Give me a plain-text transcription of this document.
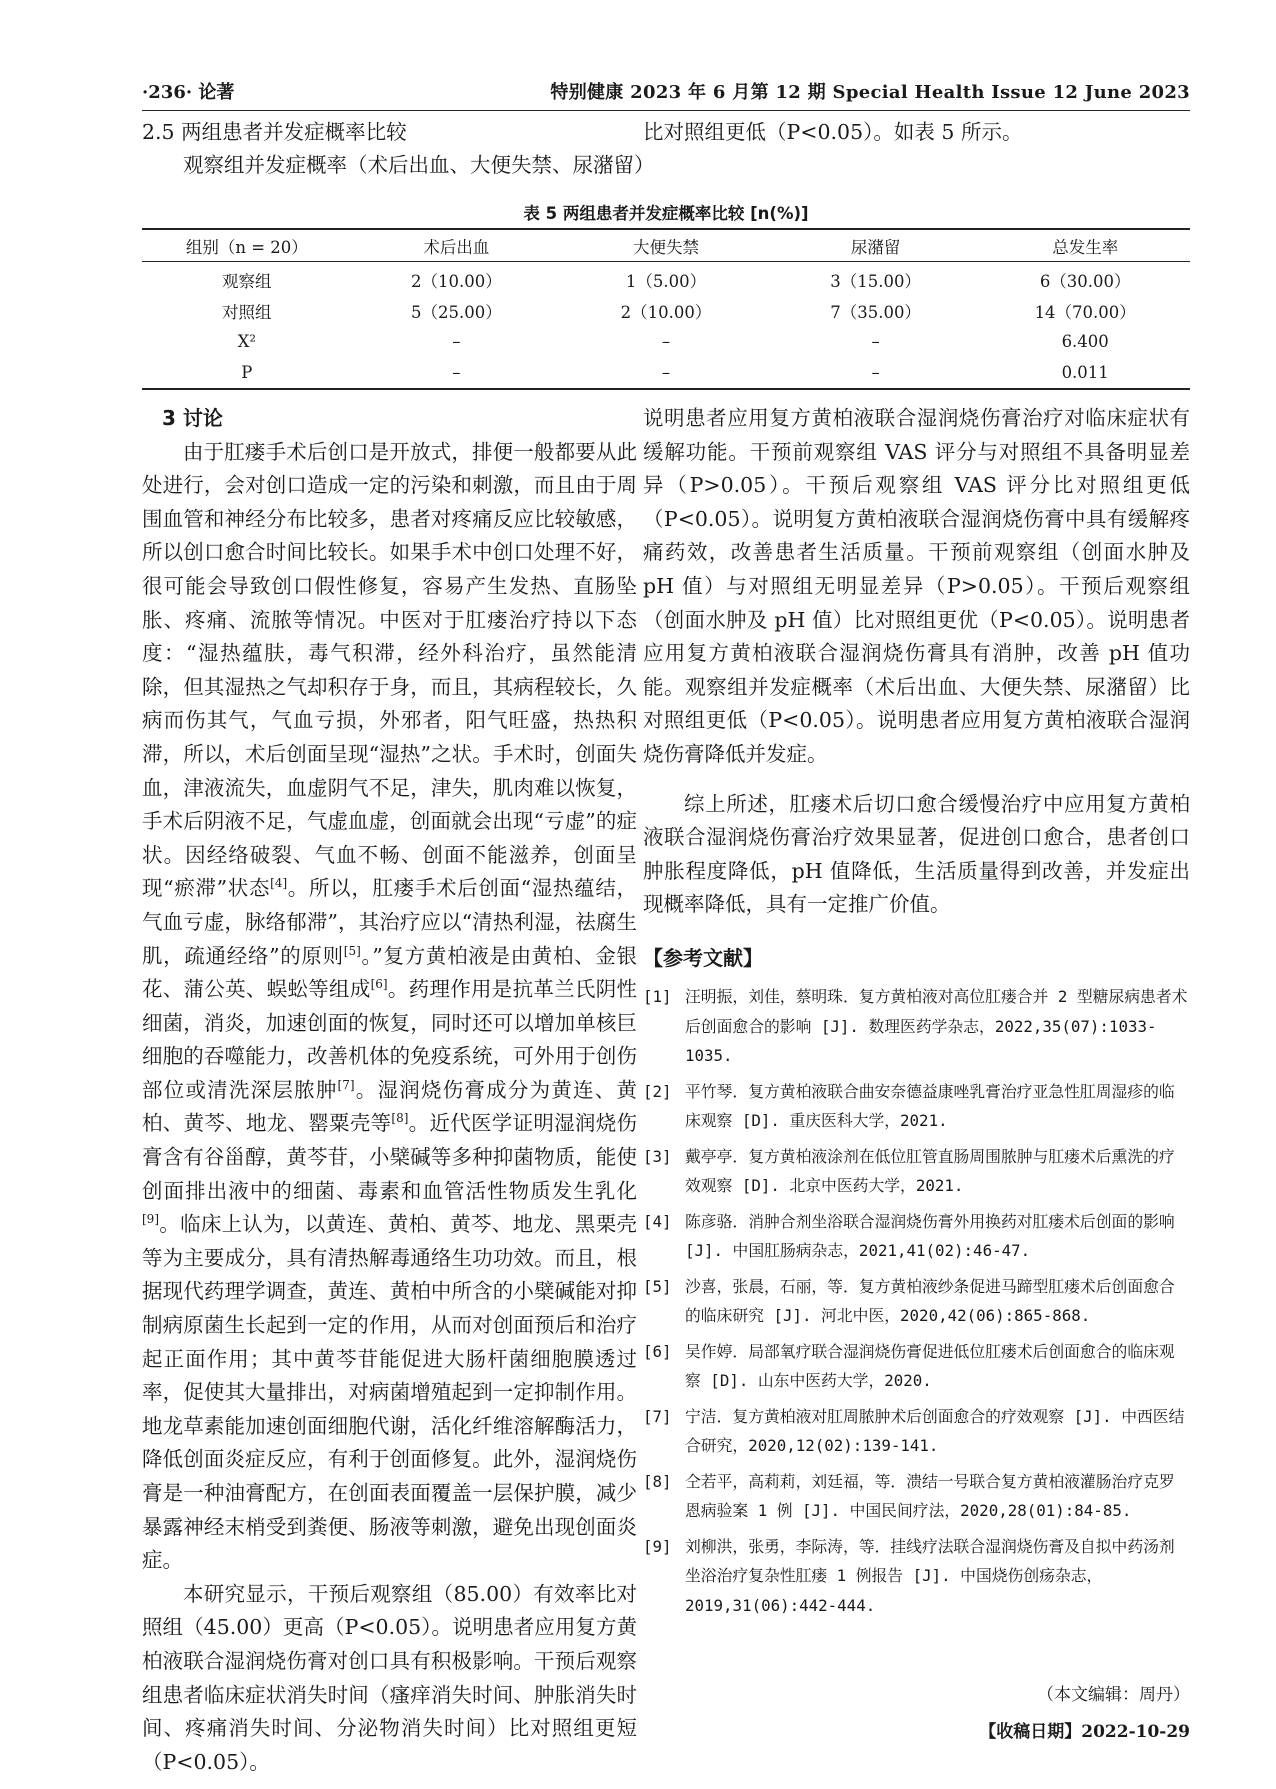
·236· 论著	特别健康 2023 年 6 月第 12 期 Special Health Issue 12 June 2023

2.5 两组患者并发症概率比较

观察组并发症概率（术后出血、大便失禁、尿潴留）

比对照组更低（P<0.05）。如表 5 所示。

表 5 两组患者并发症概率比较 [n(%)]
组别（n = 20）	术后出血	大便失禁	尿潴留	总发生率
观察组	2（10.00）	1（5.00）	3（15.00）	6（30.00）
对照组	5（25.00）	2（10.00）	7（35.00）	14（70.00）
X²	–	–	–	6.400
P	–	–	–	0.011

3 讨论

由于肛瘘手术后创口是开放式，排便一般都要从此处进行，会对创口造成一定的污染和刺激，而且由于周围血管和神经分布比较多，患者对疼痛反应比较敏感，所以创口愈合时间比较长。如果手术中创口处理不好，很可能会导致创口假性修复，容易产生发热、直肠坠胀、疼痛、流脓等情况。中医对于肛瘘治疗持以下态度：“湿热蕴肤，毒气积滞，经外科治疗，虽然能清除，但其湿热之气却积存于身，而且，其病程较长，久病而伤其气，气血亏损，外邪者，阳气旺盛，热热积滞，所以，术后创面呈现“湿热”之状。手术时，创面失血，津液流失，血虚阴气不足，津失，肌肉难以恢复，手术后阴液不足，气虚血虚，创面就会出现“亏虚”的症状。因经络破裂、气血不畅、创面不能滋养，创面呈现“瘀滞”状态[4]。所以，肛瘘手术后创面“湿热蕴结，气血亏虚，脉络郁滞”，其治疗应以“清热利湿，祛腐生肌，疏通经络”的原则[5]。”复方黄柏液是由黄柏、金银花、蒲公英、蜈蚣等组成[6]。药理作用是抗革兰氏阴性细菌，消炎，加速创面的恢复，同时还可以增加单核巨细胞的吞噬能力，改善机体的免疫系统，可外用于创伤部位或清洗深层脓肿[7]。湿润烧伤膏成分为黄连、黄柏、黄芩、地龙、罂粟壳等[8]。近代医学证明湿润烧伤膏含有谷甾醇，黄芩苷，小檗碱等多种抑菌物质，能使创面排出液中的细菌、毒素和血管活性物质发生乳化[9]。临床上认为，以黄连、黄柏、黄芩、地龙、黑栗壳等为主要成分，具有清热解毒通络生功功效。而且，根据现代药理学调查，黄连、黄柏中所含的小檗碱能对抑制病原菌生长起到一定的作用，从而对创面预后和治疗起正面作用；其中黄芩苷能促进大肠杆菌细胞膜透过率，促使其大量排出，对病菌增殖起到一定抑制作用。地龙草素能加速创面细胞代谢，活化纤维溶解酶活力，降低创面炎症反应，有利于创面修复。此外，湿润烧伤膏是一种油膏配方，在创面表面覆盖一层保护膜，减少暴露神经末梢受到粪便、肠液等刺激，避免出现创面炎症。

本研究显示，干预后观察组（85.00）有效率比对照组（45.00）更高（P<0.05）。说明患者应用复方黄柏液联合湿润烧伤膏对创口具有积极影响。干预后观察组患者临床症状消失时间（瘙痒消失时间、肿胀消失时间、疼痛消失时间、分泌物消失时间）比对照组更短（P<0.05）。

说明患者应用复方黄柏液联合湿润烧伤膏治疗对临床症状有缓解功能。干预前观察组 VAS 评分与对照组不具备明显差异（P>0.05）。干预后观察组 VAS 评分比对照组更低（P<0.05）。说明复方黄柏液联合湿润烧伤膏中具有缓解疼痛药效，改善患者生活质量。干预前观察组（创面水肿及 pH 值）与对照组无明显差异（P>0.05）。干预后观察组（创面水肿及 pH 值）比对照组更优（P<0.05）。说明患者应用复方黄柏液联合湿润烧伤膏具有消肿，改善 pH 值功能。观察组并发症概率（术后出血、大便失禁、尿潴留）比对照组更低（P<0.05）。说明患者应用复方黄柏液联合湿润烧伤膏降低并发症。

综上所述，肛瘘术后切口愈合缓慢治疗中应用复方黄柏液联合湿润烧伤膏治疗效果显著，促进创口愈合，患者创口肿胀程度降低，pH 值降低，生活质量得到改善，并发症出现概率降低，具有一定推广价值。

【参考文献】
[1] 汪明振，刘佳，蔡明珠．复方黄柏液对高位肛瘘合并 2 型糖尿病患者术后创面愈合的影响 [J]. 数理医药学杂志，2022,35(07):1033-1035.
[2] 平竹琴．复方黄柏液联合曲安奈德益康唑乳膏治疗亚急性肛周湿疹的临床观察 [D]. 重庆医科大学，2021.
[3] 戴亭亭．复方黄柏液涂剂在低位肛管直肠周围脓肿与肛瘘术后熏洗的疗效观察 [D]. 北京中医药大学，2021.
[4] 陈彦骆．消肿合剂坐浴联合湿润烧伤膏外用换药对肛瘘术后创面的影响 [J]. 中国肛肠病杂志，2021,41(02):46-47.
[5] 沙喜，张晨，石丽，等．复方黄柏液纱条促进马蹄型肛瘘术后创面愈合的临床研究 [J]. 河北中医，2020,42(06):865-868.
[6] 吴作婷．局部氧疗联合湿润烧伤膏促进低位肛瘘术后创面愈合的临床观察 [D]. 山东中医药大学，2020.
[7] 宁洁．复方黄柏液对肛周脓肿术后创面愈合的疗效观察 [J]. 中西医结合研究，2020,12(02):139-141.
[8] 仝若平，高莉莉，刘廷福，等．溃结一号联合复方黄柏液灌肠治疗克罗恩病验案 1 例 [J]. 中国民间疗法，2020,28(01):84-85.
[9] 刘柳洪，张勇，李际涛，等．挂线疗法联合湿润烧伤膏及自拟中药汤剂坐浴治疗复杂性肛瘘 1 例报告 [J]. 中国烧伤创疡杂志，2019,31(06):442-444.
（本文编辑：周丹）
【收稿日期】2022-10-29
